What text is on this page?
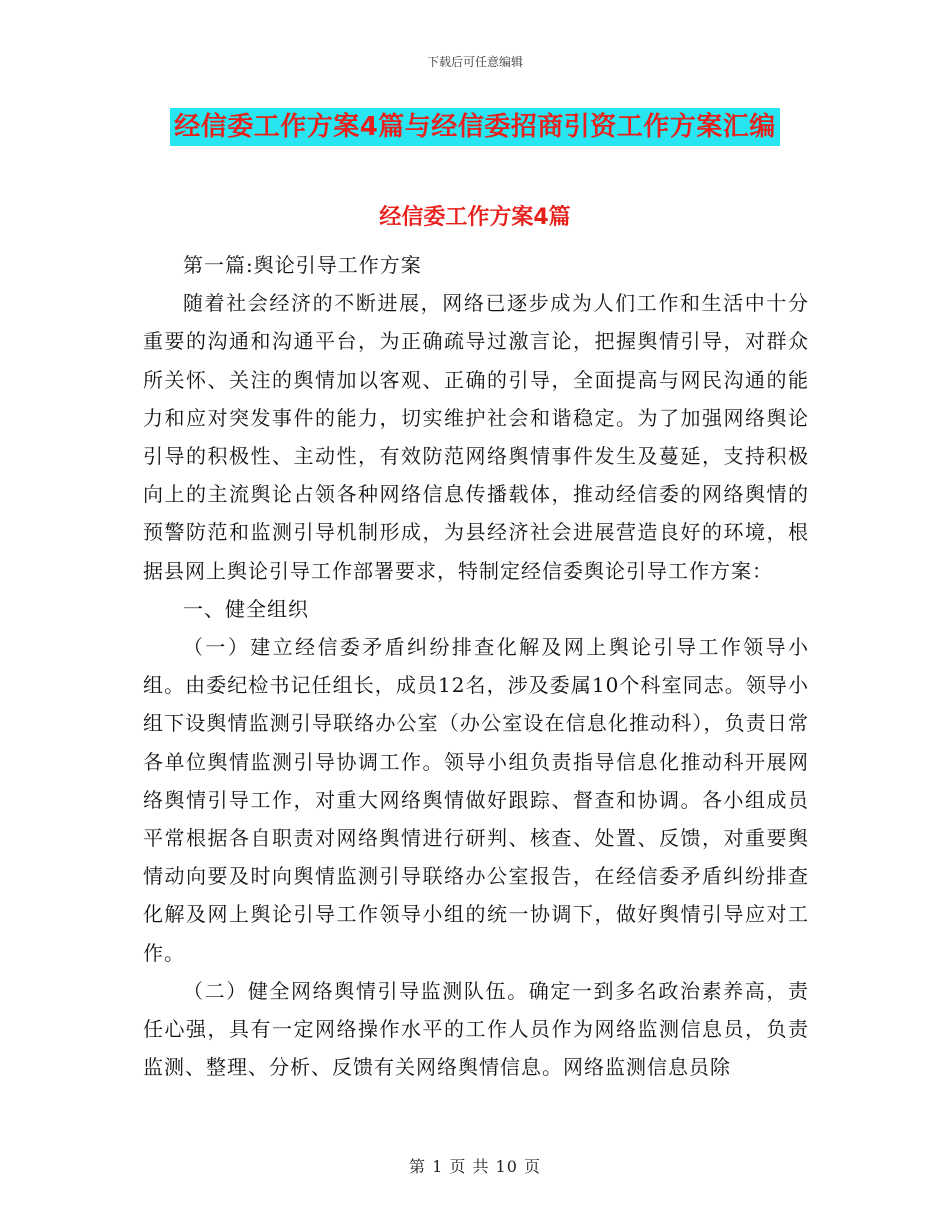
下载后可任意编辑
经信委工作方案4篇与经信委招商引资工作方案汇编
经信委工作方案4篇

第一篇:舆论引导工作方案

随着社会经济的不断进展，网络已逐步成为人们工作和生活中十分重要的沟通和沟通平台，为正确疏导过激言论，把握舆情引导，对群众所关怀、关注的舆情加以客观、正确的引导，全面提高与网民沟通的能力和应对突发事件的能力，切实维护社会和谐稳定。为了加强网络舆论引导的积极性、主动性，有效防范网络舆情事件发生及蔓延，支持积极向上的主流舆论占领各种网络信息传播载体，推动经信委的网络舆情的预警防范和监测引导机制形成，为县经济社会进展营造良好的环境，根据县网上舆论引导工作部署要求，特制定经信委舆论引导工作方案：

一、健全组织

（一）建立经信委矛盾纠纷排查化解及网上舆论引导工作领导小组。由委纪检书记任组长，成员12名，涉及委属10个科室同志。领导小组下设舆情监测引导联络办公室（办公室设在信息化推动科），负责日常各单位舆情监测引导协调工作。领导小组负责指导信息化推动科开展网络舆情引导工作，对重大网络舆情做好跟踪、督查和协调。各小组成员平常根据各自职责对网络舆情进行研判、核查、处置、反馈，对重要舆情动向要及时向舆情监测引导联络办公室报告，在经信委矛盾纠纷排查化解及网上舆论引导工作领导小组的统一协调下，做好舆情引导应对工作。

（二）健全网络舆情引导监测队伍。确定一到多名政治素养高，责任心强，具有一定网络操作水平的工作人员作为网络监测信息员，负责监测、整理、分析、反馈有关网络舆情信息。网络监测信息员除

第 1 页 共 10 页
